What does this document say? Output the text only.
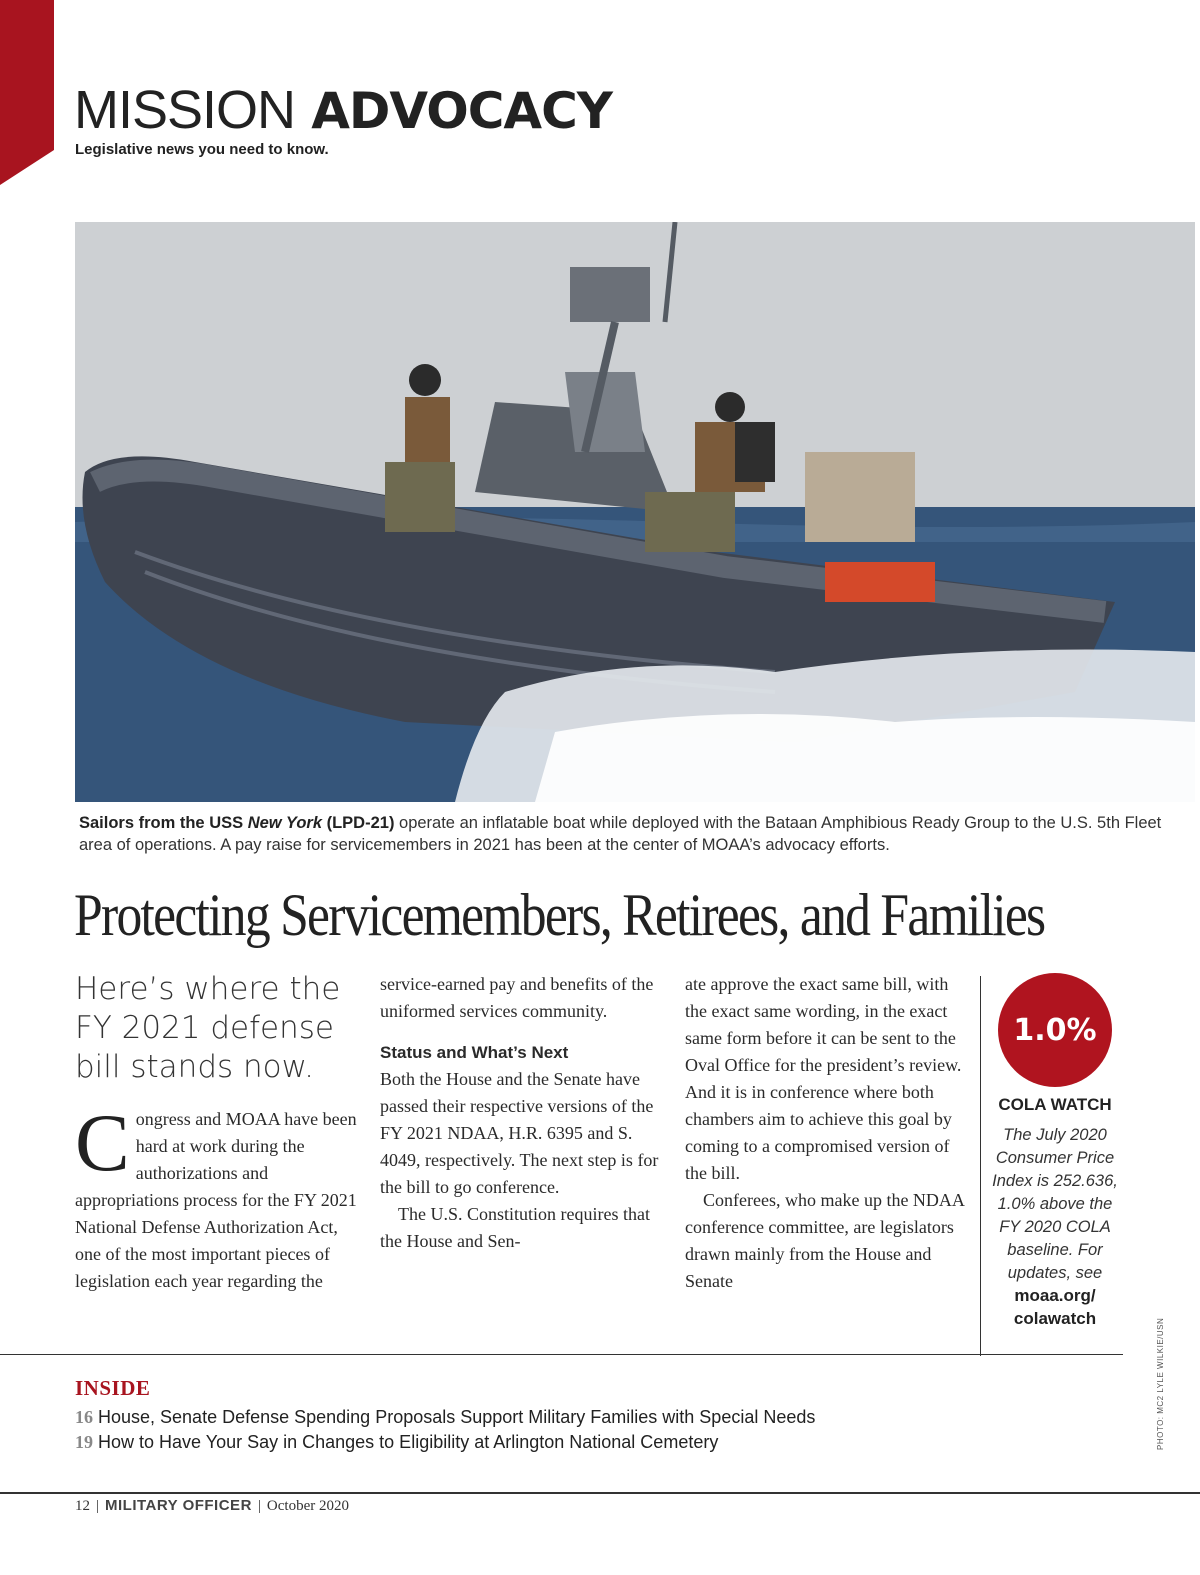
MISSION ADVOCACY
Legislative news you need to know.
PHOTO: MC2 LYLE WILKIE/USN
Sailors from the USS New York (LPD-21) operate an inflatable boat while deployed with the Bataan Amphibious Ready Group to the U.S. 5th Fleet area of operations. A pay raise for servicemembers in 2021 has been at the center of MOAA’s advocacy efforts.
Protecting Servicemembers, Retirees, and Families
Here’s where the FY 2021 defense bill stands now.
Congress and MOAA have been hard at work during the authorizations and appropriations process for the FY 2021 National Defense Authorization Act, one of the most important pieces of legislation each year regarding the
service-earned pay and benefits of the uniformed services community.
Status and What’s Next
Both the House and the Senate have passed their respective versions of the FY 2021 NDAA, H.R. 6395 and S. 4049, respectively. The next step is for the bill to go conference.
The U.S. Constitution requires that the House and Sen-
ate approve the exact same bill, with the exact same wording, in the exact same form before it can be sent to the Oval Office for the president’s review. And it is in conference where both chambers aim to achieve this goal by coming to a compromised version of the bill.
Conferees, who make up the NDAA conference committee, are legislators drawn mainly from the House and Senate
1.0%
COLA WATCH
The July 2020 Consumer Price Index is 252.636, 1.0% above the FY 2020 COLA baseline. For updates, see
moaa.org/ colawatch
INSIDE
16 House, Senate Defense Spending Proposals Support Military Families with Special Needs
19 How to Have Your Say in Changes to Eligibility at Arlington National Cemetery
12 | MILITARY OFFICER | October 2020
